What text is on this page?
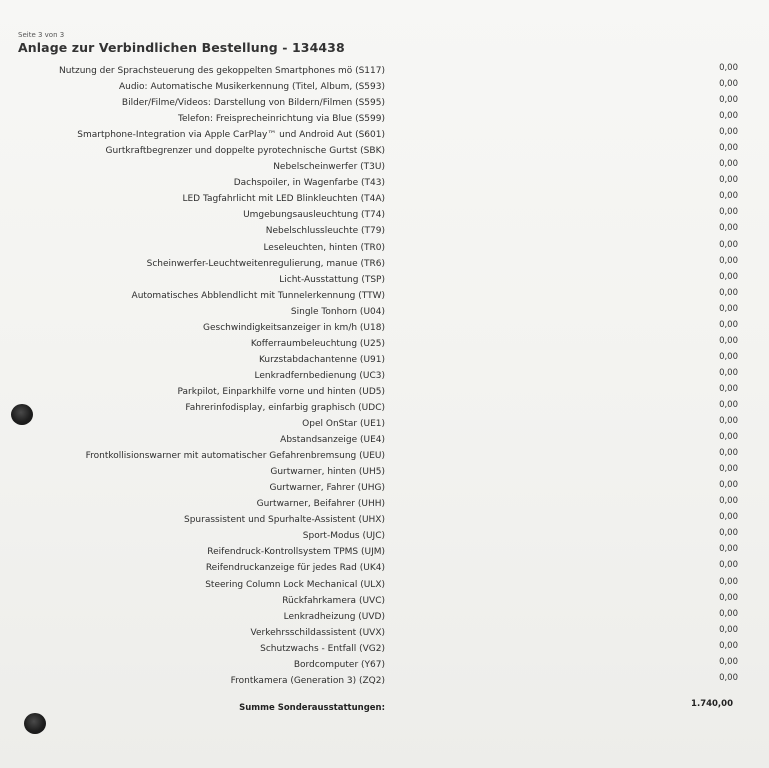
Seite 3 von 3
Anlage zur Verbindlichen Bestellung - 134438
Nutzung der Sprachsteuerung des gekoppelten Smartphones mö (S117)	0,00
Audio: Automatische Musikerkennung (Titel, Album, (S593)	0,00
Bilder/Filme/Videos: Darstellung von Bildern/Filmen (S595)	0,00
Telefon: Freisprecheinrichtung via Blue (S599)	0,00
Smartphone-Integration via Apple CarPlay™ und Android Aut (S601)	0,00
Gurtkraftbegrenzer und doppelte pyrotechnische Gurtst (SBK)	0,00
Nebelscheinwerfer (T3U)	0,00
Dachspoiler, in Wagenfarbe (T43)	0,00
LED Tagfahrlicht mit LED Blinkleuchten (T4A)	0,00
Umgebungsausleuchtung (T74)	0,00
Nebelschlussleuchte (T79)	0,00
Leseleuchten, hinten (TR0)	0,00
Scheinwerfer-Leuchtweitenregulierung, manue (TR6)	0,00
Licht-Ausstattung (TSP)	0,00
Automatisches Abblendlicht mit Tunnelerkennung (TTW)	0,00
Single Tonhorn (U04)	0,00
Geschwindigkeitsanzeiger in km/h (U18)	0,00
Kofferraumbeleuchtung (U25)	0,00
Kurzstabdachantenne (U91)	0,00
Lenkradfernbedienung (UC3)	0,00
Parkpilot, Einparkhilfe vorne und hinten (UD5)	0,00
Fahrerinfodisplay, einfarbig graphisch (UDC)	0,00
Opel OnStar (UE1)	0,00
Abstandsanzeige (UE4)	0,00
Frontkollisionswarner mit automatischer Gefahrenbremsung (UEU)	0,00
Gurtwarner, hinten (UH5)	0,00
Gurtwarner, Fahrer (UHG)	0,00
Gurtwarner, Beifahrer (UHH)	0,00
Spurassistent und Spurhalte-Assistent (UHX)	0,00
Sport-Modus (UJC)	0,00
Reifendruck-Kontrollsystem TPMS (UJM)	0,00
Reifendruckanzeige für jedes Rad (UK4)	0,00
Steering Column Lock Mechanical (ULX)	0,00
Rückfahrkamera (UVC)	0,00
Lenkradheizung (UVD)	0,00
Verkehrsschildassistent (UVX)	0,00
Schutzwachs - Entfall (VG2)	0,00
Bordcomputer (Y67)	0,00
Frontkamera (Generation 3) (ZQ2)	0,00
Summe Sonderausstattungen:	1.740,00
